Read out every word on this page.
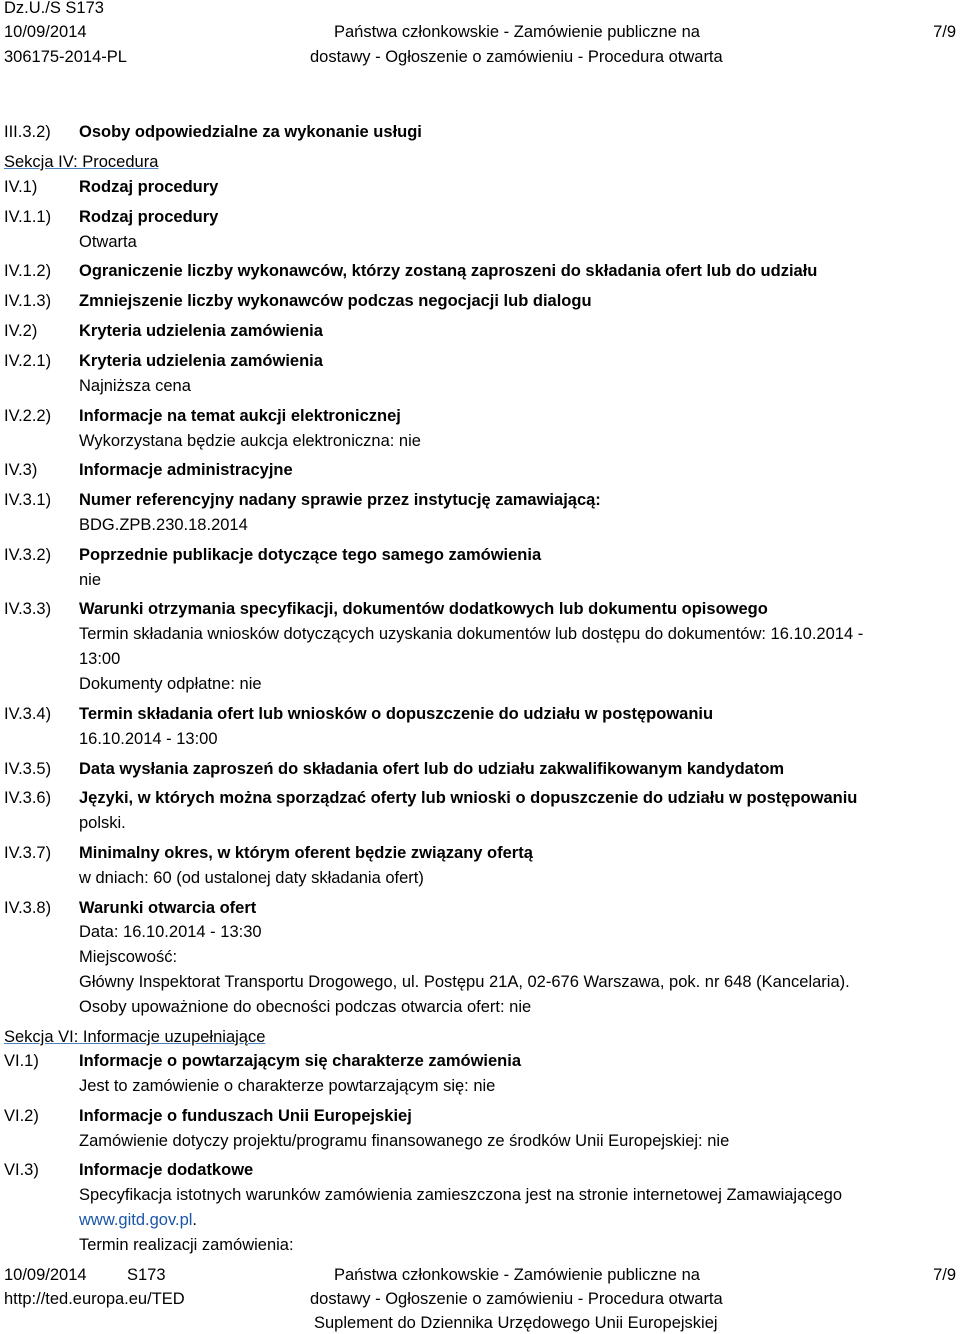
Dz.U./S S173
10/09/2014
306175-2014-PL
Państwa członkowskie - Zamówienie publiczne na
dostawy - Ogłoszenie o zamówieniu - Procedura otwarta
7/9
III.3.2) Osoby odpowiedzialne za wykonanie usługi
Sekcja IV: Procedura
IV.1)	Rodzaj procedury
IV.1.1) Rodzaj procedury
Otwarta
IV.1.2) Ograniczenie liczby wykonawców, którzy zostaną zaproszeni do składania ofert lub do udziału
IV.1.3) Zmniejszenie liczby wykonawców podczas negocjacji lub dialogu
IV.2)	Kryteria udzielenia zamówienia
IV.2.1) Kryteria udzielenia zamówienia
Najniższa cena
IV.2.2) Informacje na temat aukcji elektronicznej
Wykorzystana będzie aukcja elektroniczna: nie
IV.3)	Informacje administracyjne
IV.3.1) Numer referencyjny nadany sprawie przez instytucję zamawiającą:
BDG.ZPB.230.18.2014
IV.3.2) Poprzednie publikacje dotyczące tego samego zamówienia
nie
IV.3.3) Warunki otrzymania specyfikacji, dokumentów dodatkowych lub dokumentu opisowego
Termin składania wniosków dotyczących uzyskania dokumentów lub dostępu do dokumentów: 16.10.2014 -
13:00
Dokumenty odpłatne: nie
IV.3.4) Termin składania ofert lub wniosków o dopuszczenie do udziału w postępowaniu
16.10.2014 - 13:00
IV.3.5) Data wysłania zaproszeń do składania ofert lub do udziału zakwalifikowanym kandydatom
IV.3.6) Języki, w których można sporządzać oferty lub wnioski o dopuszczenie do udziału w postępowaniu
polski.
IV.3.7) Minimalny okres, w którym oferent będzie związany ofertą
w dniach: 60 (od ustalonej daty składania ofert)
IV.3.8) Warunki otwarcia ofert
Data: 16.10.2014 - 13:30
Miejscowość:
Główny Inspektorat Transportu Drogowego, ul. Postępu 21A, 02-676 Warszawa, pok. nr 648 (Kancelaria).
Osoby upoważnione do obecności podczas otwarcia ofert: nie
Sekcja VI: Informacje uzupełniające
VI.1) Informacje o powtarzającym się charakterze zamówienia
Jest to zamówienie o charakterze powtarzającym się: nie
VI.2) Informacje o funduszach Unii Europejskiej
Zamówienie dotyczy projektu/programu finansowanego ze środków Unii Europejskiej: nie
VI.3) Informacje dodatkowe
Specyfikacja istotnych warunków zamówienia zamieszczona jest na stronie internetowej Zamawiającego
www.gitd.gov.pl.
Termin realizacji zamówienia:
10/09/2014 S173
http://ted.europa.eu/TED
Państwa członkowskie - Zamówienie publiczne na
dostawy - Ogłoszenie o zamówieniu - Procedura otwarta
Suplement do Dziennika Urzędowego Unii Europejskiej
7/9
